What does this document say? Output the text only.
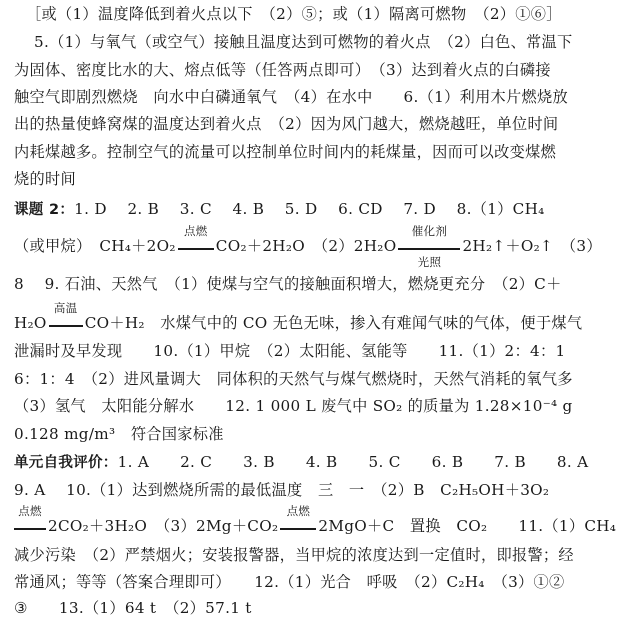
［或（1）温度降低到着火点以下　（2）⑤；或（1）隔离可燃物　（2）①⑥］
5.（1）与氧气（或空气）接触且温度达到可燃物的着火点　（2）白色、常温下
为固体、密度比水的大、熔点低等（任答两点即可）　（3）达到着火点的白磷接
触空气即剧烈燃烧　向水中白磷通氧气　（4）在水中　　6.（1）利用木片燃烧放
出的热量使蜂窝煤的温度达到着火点　（2）因为风门越大，燃烧越旺，单位时间
内耗煤越多。控制空气的流量可以控制单位时间内的耗煤量，因而可以改变煤燃
烧的时间
课题 2：1. D　 2. B　 3. C　 4. B　 5. D　 6. CD　 7. D　 8.（1）CH₄
（或甲烷）　CH₄＋2O₂
点燃
CO₂＋2H₂O　（2）2H₂O
催化剂
光照
2H₂↑＋O₂↑　（3）
8　 9. 石油、天然气　（1）使煤与空气的接触面积增大，燃烧更充分　（2）C＋
H₂O
高温
CO＋H₂　水煤气中的 CO 无色无味，掺入有难闻气味的气体，便于煤气
泄漏时及早发现　　10.（1）甲烷　（2）太阳能、氢能等　　11.（1）2：4：1
6：1：4　（2）进风量调大　同体积的天然气与煤气燃烧时，天然气消耗的氧气多
（3）氢气　太阳能分解水　　12. 1 000 L 废气中 SO₂ 的质量为 1.28×10⁻⁴ g
0.128 mg/m³　符合国家标准
单元自我评价：1. A　　2. C　　3. B　　4. B　　5. C　　6. B　　7. B　　8. A
9. A　 10.（1）达到燃烧所需的最低温度　三　一　（2）B　C₂H₅OH＋3O₂
点燃
2CO₂＋3H₂O　（3）2Mg＋CO₂
点燃
2MgO＋C　置换　CO₂　　11.（1）CH₄
减少污染　（2）严禁烟火；安装报警器，当甲烷的浓度达到一定值时，即报警；经
常通风；等等（答案合理即可）　　12.（1）光合　呼吸　（2）C₂H₄　（3）①②
③　　13.（1）64 t　（2）57.1 t
